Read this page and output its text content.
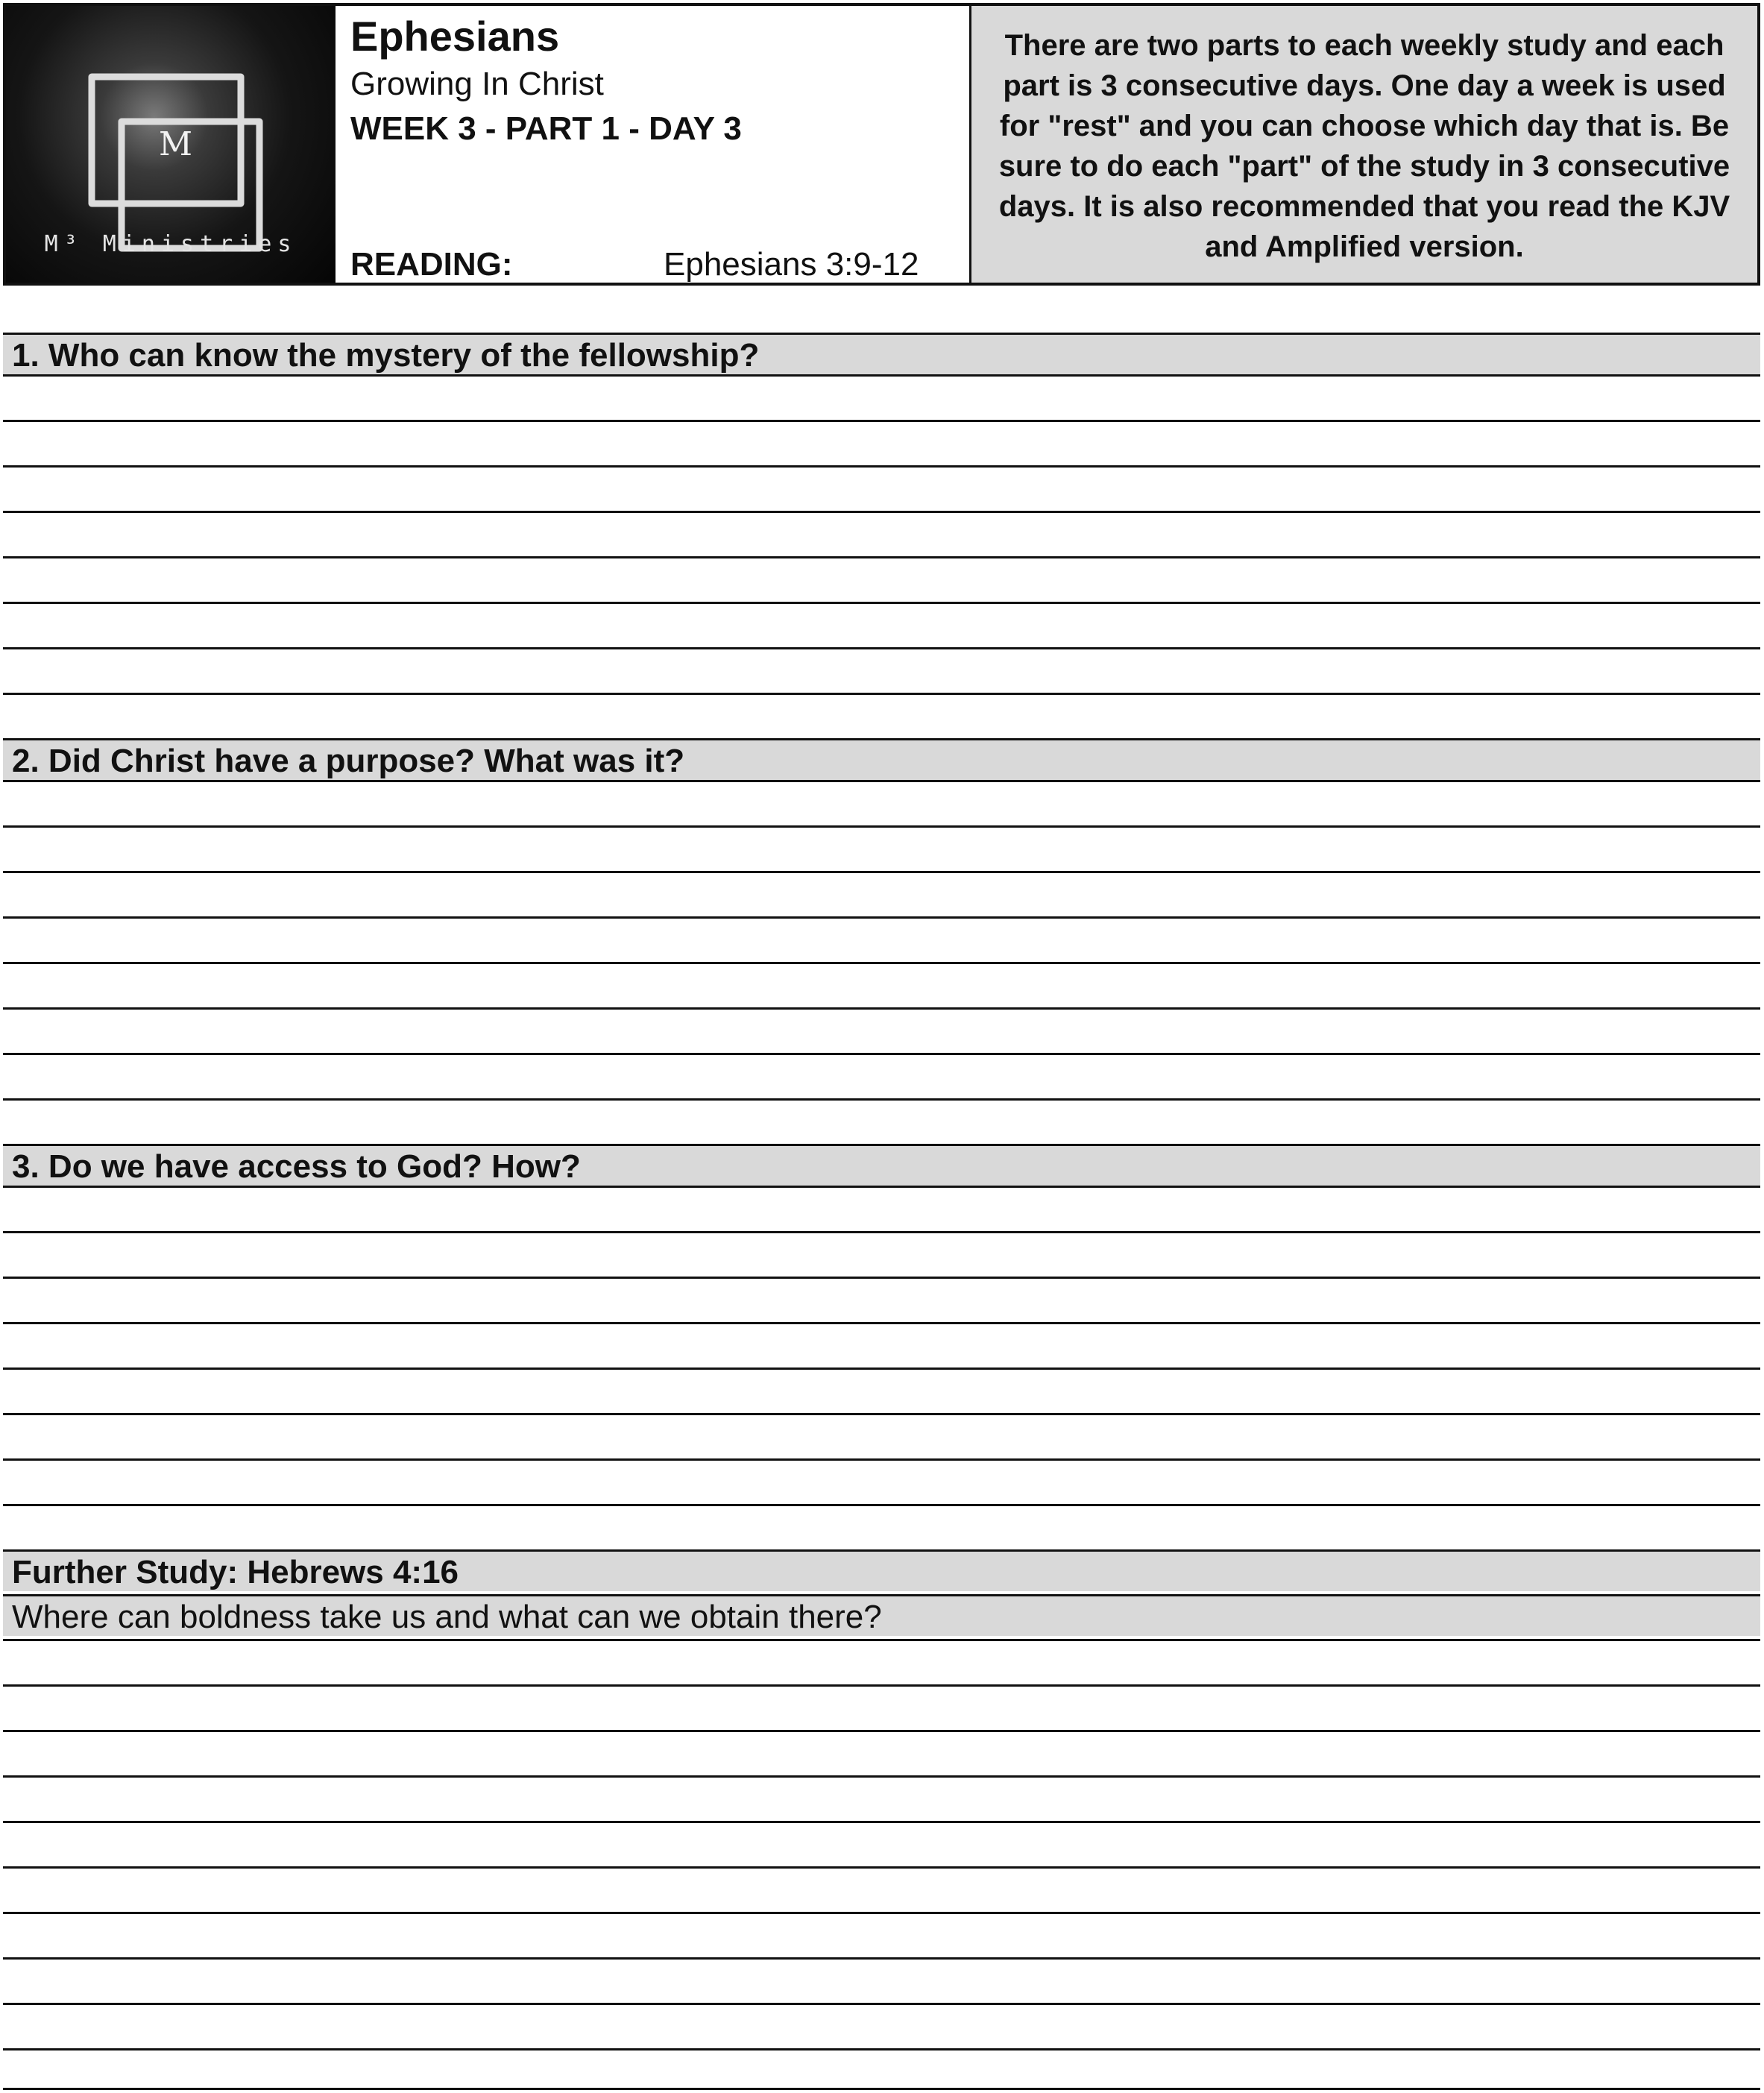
M
M³ Ministries
Ephesians
Growing In Christ
WEEK 3 - PART 1 - DAY 3
READING:	Ephesians 3:9-12
There are two parts to each weekly study and each part is 3 consecutive days. One day a week is used for "rest" and you can choose which day that is. Be sure to do each "part" of the study in 3 consecutive days. It is also recommended that you read the KJV and Amplified version.
1. Who can know the mystery of the fellowship?
2. Did Christ have a purpose? What was it?
3. Do we have access to God? How?
Further Study: Hebrews 4:16
Where can boldness take us and what can we obtain there?
